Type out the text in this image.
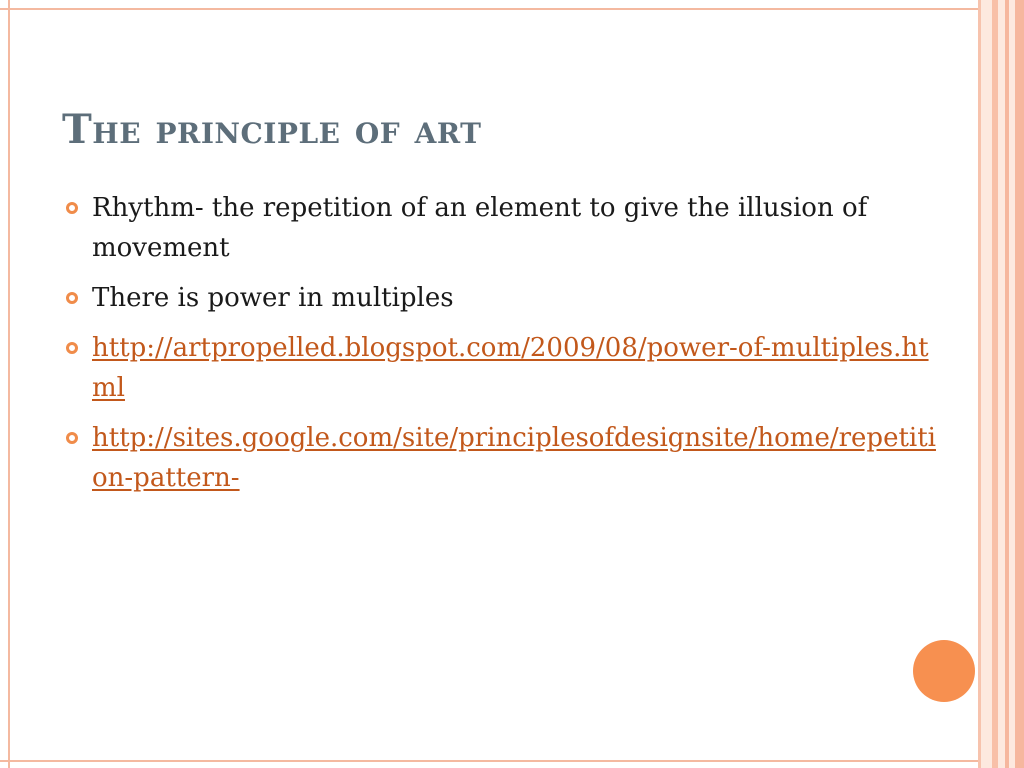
The principle of art
Rhythm- the repetition of an element to give the illusion of movement
There is power in multiples
http://artpropelled.blogspot.com/2009/08/power-of-multiples.html
http://sites.google.com/site/principlesofdesignsite/home/repetition-pattern-
